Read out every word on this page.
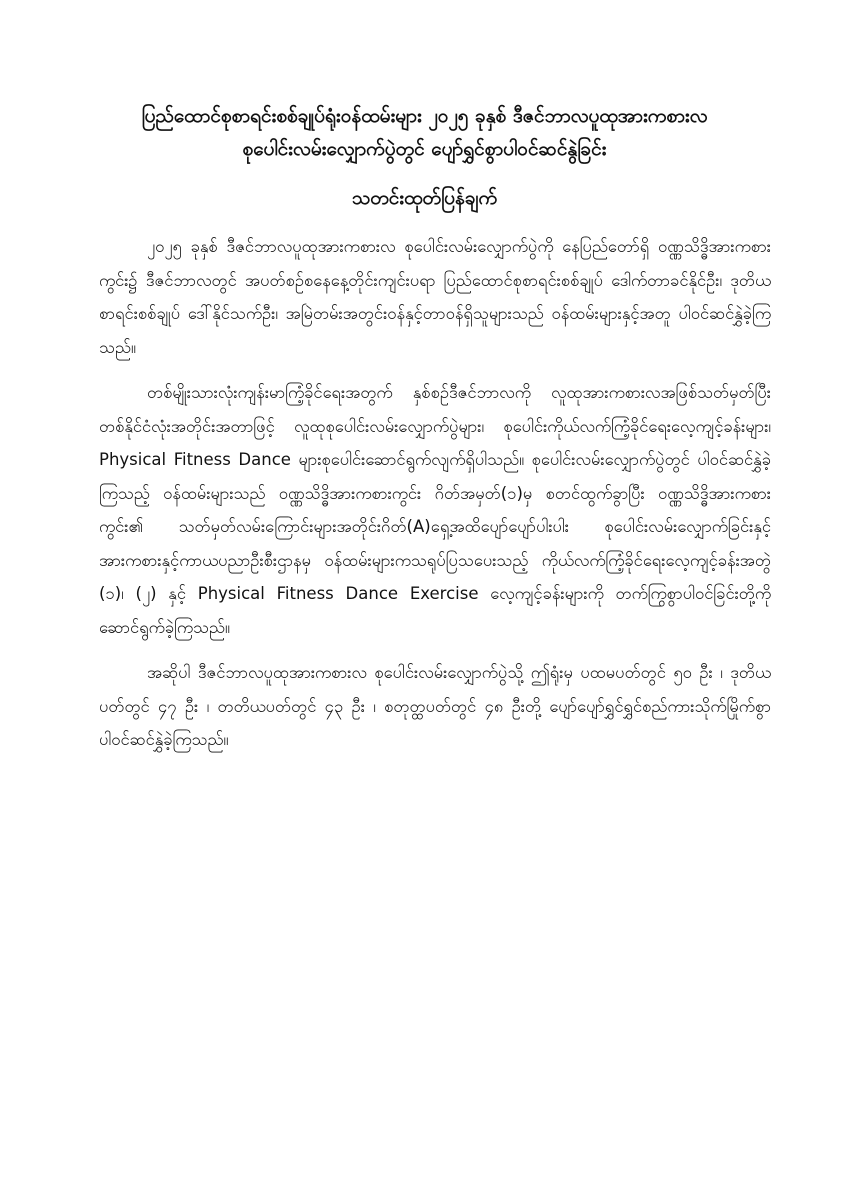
ပြည်ထောင်စုစာရင်းစစ်ချုပ်ရုံးဝန်ထမ်းများ ၂၀၂၅ ခုနှစ် ဒီဇင်ဘာလပူထုအားကစားလ

စုပေါင်းလမ်းလျှောက်ပွဲတွင် ပျော်ရွှင်စွာပါဝင်ဆင်နွဲခြင်း

သတင်းထုတ်ပြန်ချက်

၂၀၂၅ ခုနှစ် ဒီဇင်ဘာလပူထုအားကစားလ စုပေါင်းလမ်းလျှောက်ပွဲကို နေပြည်တော်ရှိ ဝဏ္ဏသိဒ္ဓိအားကစားကွင်း၌ ဒီဇင်ဘာလတွင် အပတ်စဉ်စနေနေ့တိုင်းကျင်းပရာ ပြည်ထောင်စုစာရင်းစစ်ချုပ် ဒေါက်တာခင်နိုင်ဦး၊ ဒုတိယစာရင်းစစ်ချုပ် ဒေါ်နိုင်သက်ဦး၊ အမြဲတမ်းအတွင်းဝန်နှင့်တာဝန်ရှိသူများသည် ဝန်ထမ်းများနှင့်အတူ ပါဝင်ဆင်နွှဲခဲ့ကြသည်။

တစ်မျိုးသားလုံးကျန်းမာကြံ့ခိုင်ရေးအတွက် နှစ်စဉ်ဒီဇင်ဘာလကို လူထုအားကစားလအဖြစ်သတ်မှတ်ပြီး တစ်နိုင်ငံလုံးအတိုင်းအတာဖြင့် လူထုစုပေါင်းလမ်းလျှောက်ပွဲများ၊ စုပေါင်းကိုယ်လက်ကြံ့ခိုင်ရေးလေ့ကျင့်ခန်းများ၊ Physical Fitness Dance များစုပေါင်းဆောင်ရွက်လျက်ရှိပါသည်။ စုပေါင်းလမ်းလျှောက်ပွဲတွင် ပါဝင်ဆင်နွှဲခဲ့ကြသည့် ဝန်ထမ်းများသည် ဝဏ္ဏသိဒ္ဓိအားကစားကွင်း ဂိတ်အမှတ်(၁)မှ စတင်ထွက်ခွာပြီး ဝဏ္ဏသိဒ္ဓိအားကစားကွင်း၏ သတ်မှတ်လမ်းကြောင်းများအတိုင်းဂိတ်(A)ရှေ့အထိပျော်ပျော်ပါးပါး စုပေါင်းလမ်းလျှောက်ခြင်းနှင့် အားကစားနှင့်ကာယပညာဦးစီးဌာနမှ ဝန်ထမ်းများကသရုပ်ပြသပေးသည့် ကိုယ်လက်ကြံ့ခိုင်ရေးလေ့ကျင့်ခန်းအတွဲ (၁)၊ (၂) နှင့် Physical Fitness Dance Exercise လေ့ကျင့်ခန်းများကို တက်ကြွစွာပါဝင်ခြင်းတို့ကို ဆောင်ရွက်ခဲ့ကြသည်။

အဆိုပါ ဒီဇင်ဘာလပူထုအားကစားလ စုပေါင်းလမ်းလျှောက်ပွဲသို့ ဤရုံးမှ ပထမပတ်တွင် ၅၀ ဦး ၊ ဒုတိယပတ်တွင် ၄၇ ဦး ၊ တတိယပတ်တွင် ၄၃ ဦး ၊ စတုတ္ထပတ်တွင် ၄၈ ဦးတို့ ပျော်ပျော်ရွှင်ရွှင်စည်ကားသိုက်မြိုက်စွာ ပါဝင်ဆင်နွှဲခဲ့ကြသည်။
